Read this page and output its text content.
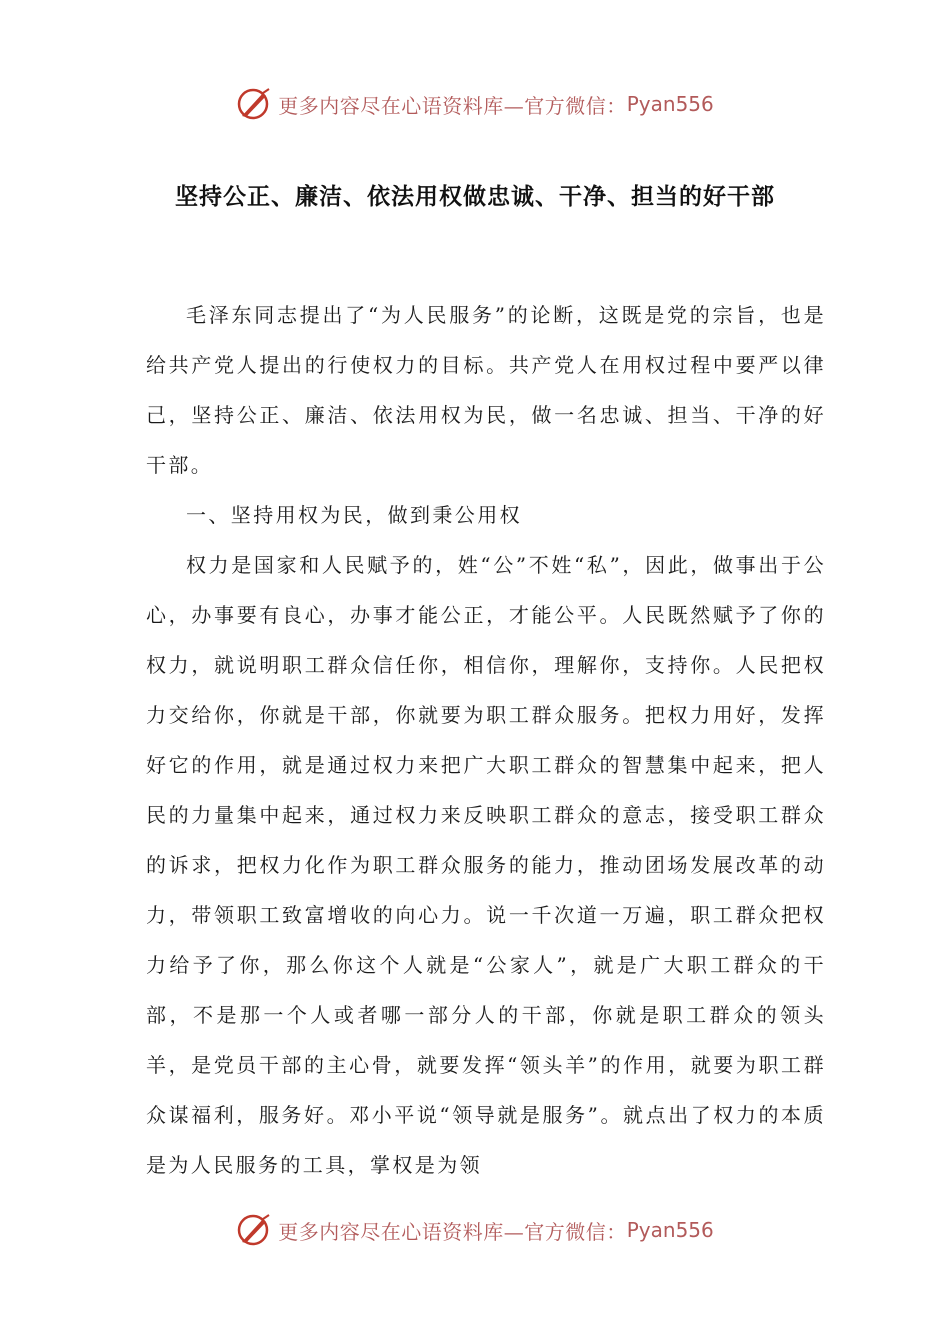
更多内容尽在心语资料库—官方微信： Pyan556
坚持公正、廉洁、依法用权做忠诚、干净、担当的好干部

毛泽东同志提出了“为人民服务”的论断，这既是党的宗旨，也是给共产党人提出的行使权力的目标。共产党人在用权过程中要严以律己，坚持公正、廉洁、依法用权为民，做一名忠诚、担当、干净的好干部。

一、坚持用权为民，做到秉公用权

权力是国家和人民赋予的，姓“公”不姓“私”，因此，做事出于公心，办事要有良心，办事才能公正，才能公平。人民既然赋予了你的权力，就说明职工群众信任你，相信你，理解你，支持你。人民把权力交给你，你就是干部，你就要为职工群众服务。把权力用好，发挥好它的作用，就是通过权力来把广大职工群众的智慧集中起来，把人民的力量集中起来，通过权力来反映职工群众的意志，接受职工群众的诉求，把权力化作为职工群众服务的能力，推动团场发展改革的动力，带领职工致富增收的向心力。说一千次道一万遍，职工群众把权力给予了你，那么你这个人就是“公家人”，就是广大职工群众的干部，不是那一个人或者哪一部分人的干部，你就是职工群众的领头羊，是党员干部的主心骨，就要发挥“领头羊”的作用，就要为职工群众谋福利，服务好。邓小平说“领导就是服务”。就点出了权力的本质是为人民服务的工具，掌权是为领

更多内容尽在心语资料库—官方微信： Pyan556
